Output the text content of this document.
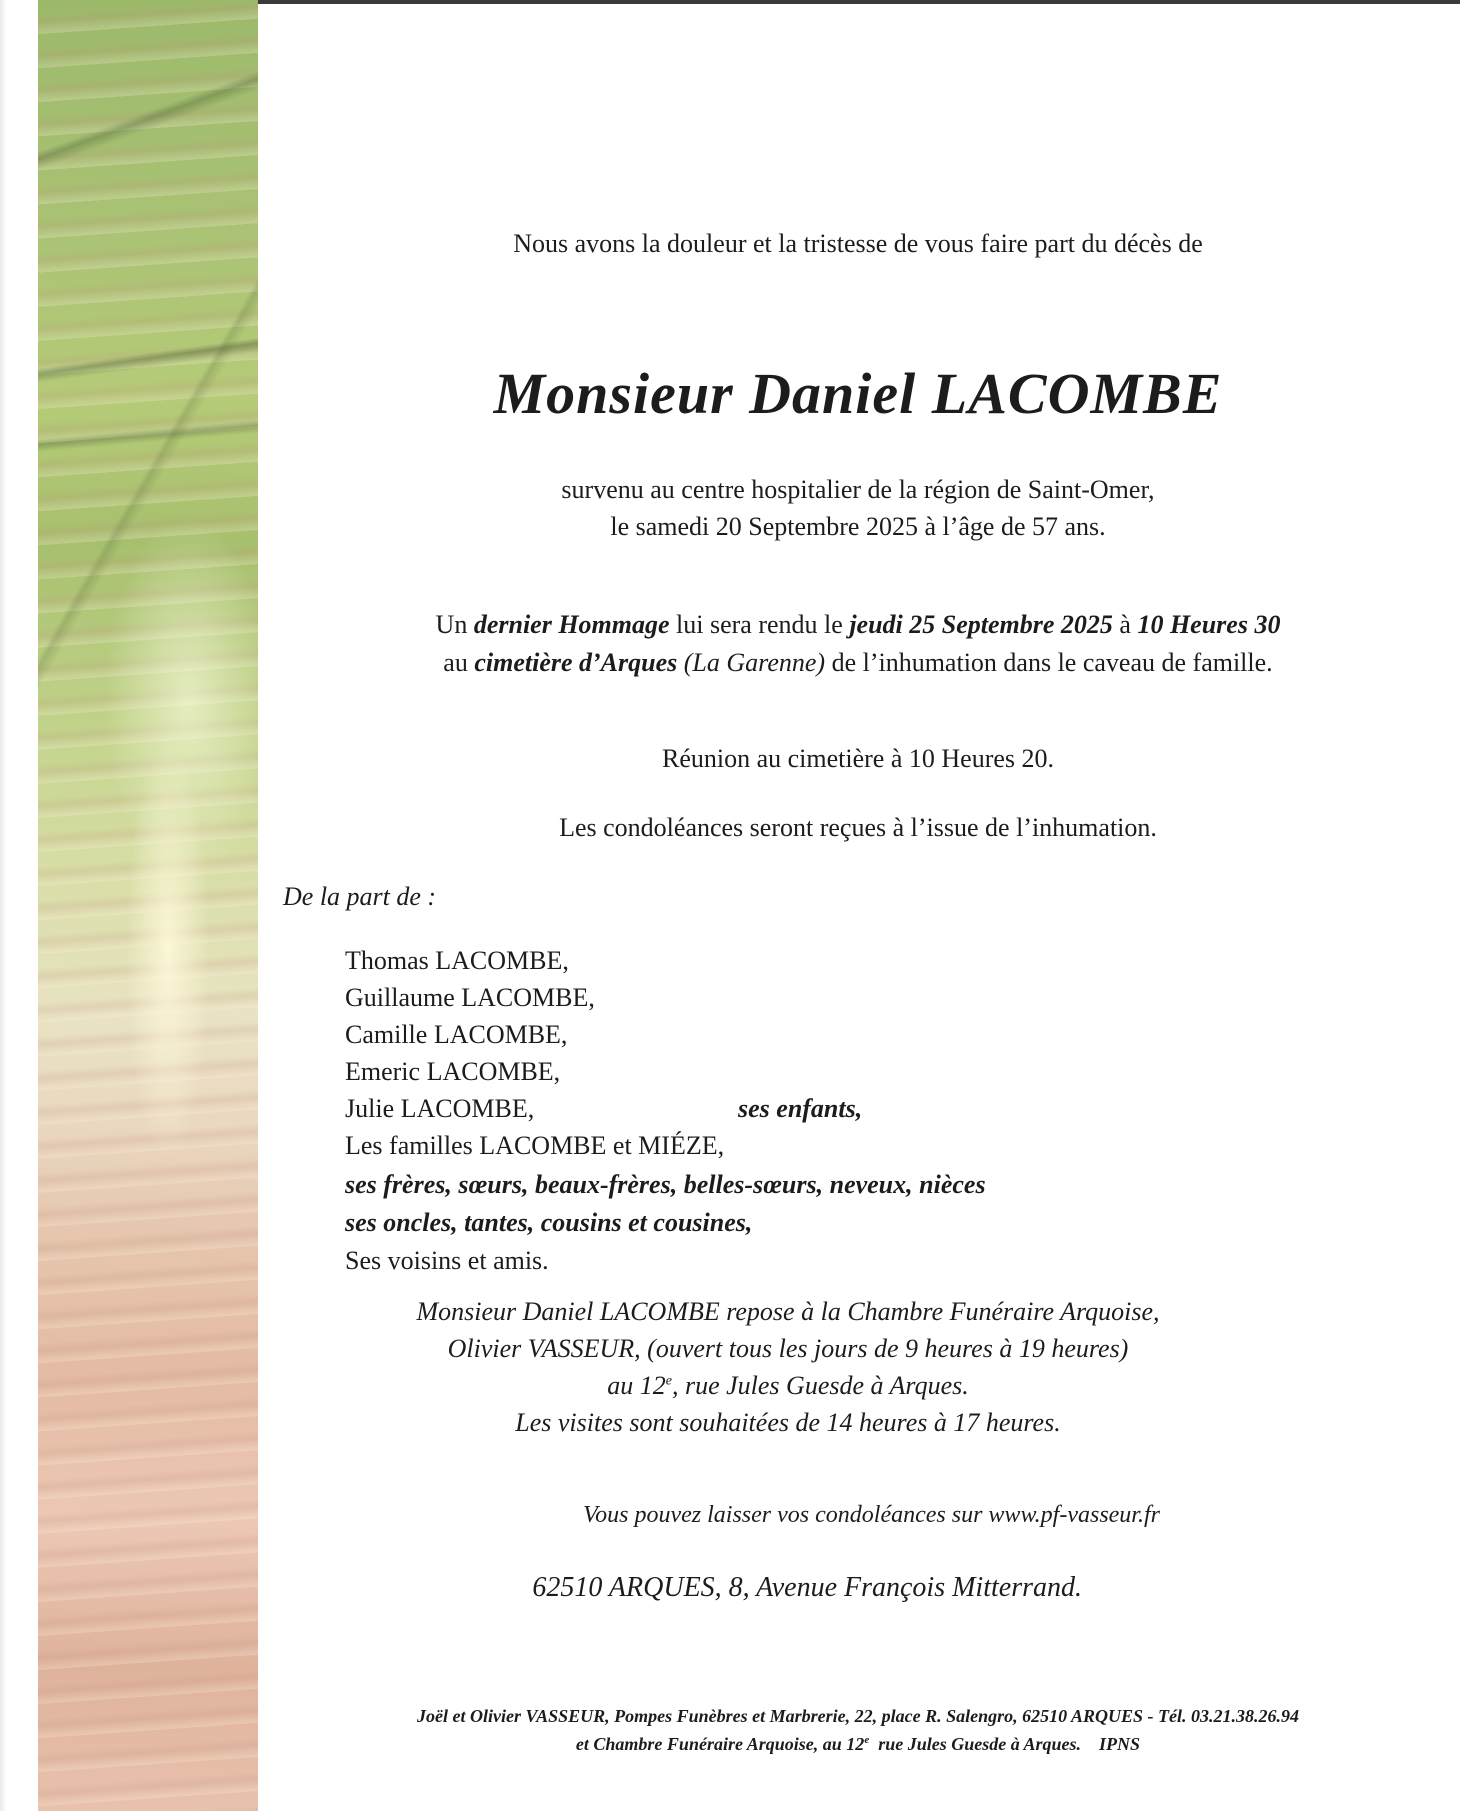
Nous avons la douleur et la tristesse de vous faire part du décès de
Monsieur Daniel LACOMBE
survenu au centre hospitalier de la région de Saint-Omer,
le samedi 20 Septembre 2025 à l’âge de 57 ans.
Un dernier Hommage lui sera rendu le jeudi 25 Septembre 2025 à 10 Heures 30
au cimetière d’Arques (La Garenne) de l’inhumation dans le caveau de famille.
Réunion au cimetière à 10 Heures 20.
Les condoléances seront reçues à l’issue de l’inhumation.
De la part de :
Thomas LACOMBE,
Guillaume LACOMBE,
Camille LACOMBE,
Emeric LACOMBE,
Julie LACOMBE,	ses enfants,
Les familles LACOMBE et MIÉZE,
ses frères, sœurs, beaux-frères, belles-sœurs, neveux, nièces
ses oncles, tantes, cousins et cousines,
Ses voisins et amis.
Monsieur Daniel LACOMBE repose à la Chambre Funéraire Arquoise,
Olivier VASSEUR, (ouvert tous les jours de 9 heures à 19 heures)
au 12e, rue Jules Guesde à Arques.
Les visites sont souhaitées de 14 heures à 17 heures.
Vous pouvez laisser vos condoléances sur www.pf-vasseur.fr
62510 ARQUES, 8, Avenue François Mitterrand.
Joël et Olivier VASSEUR, Pompes Funèbres et Marbrerie, 22, place R. Salengro, 62510 ARQUES - Tél. 03.21.38.26.94
et Chambre Funéraire Arquoise, au 12e  rue Jules Guesde à Arques.    IPNS
